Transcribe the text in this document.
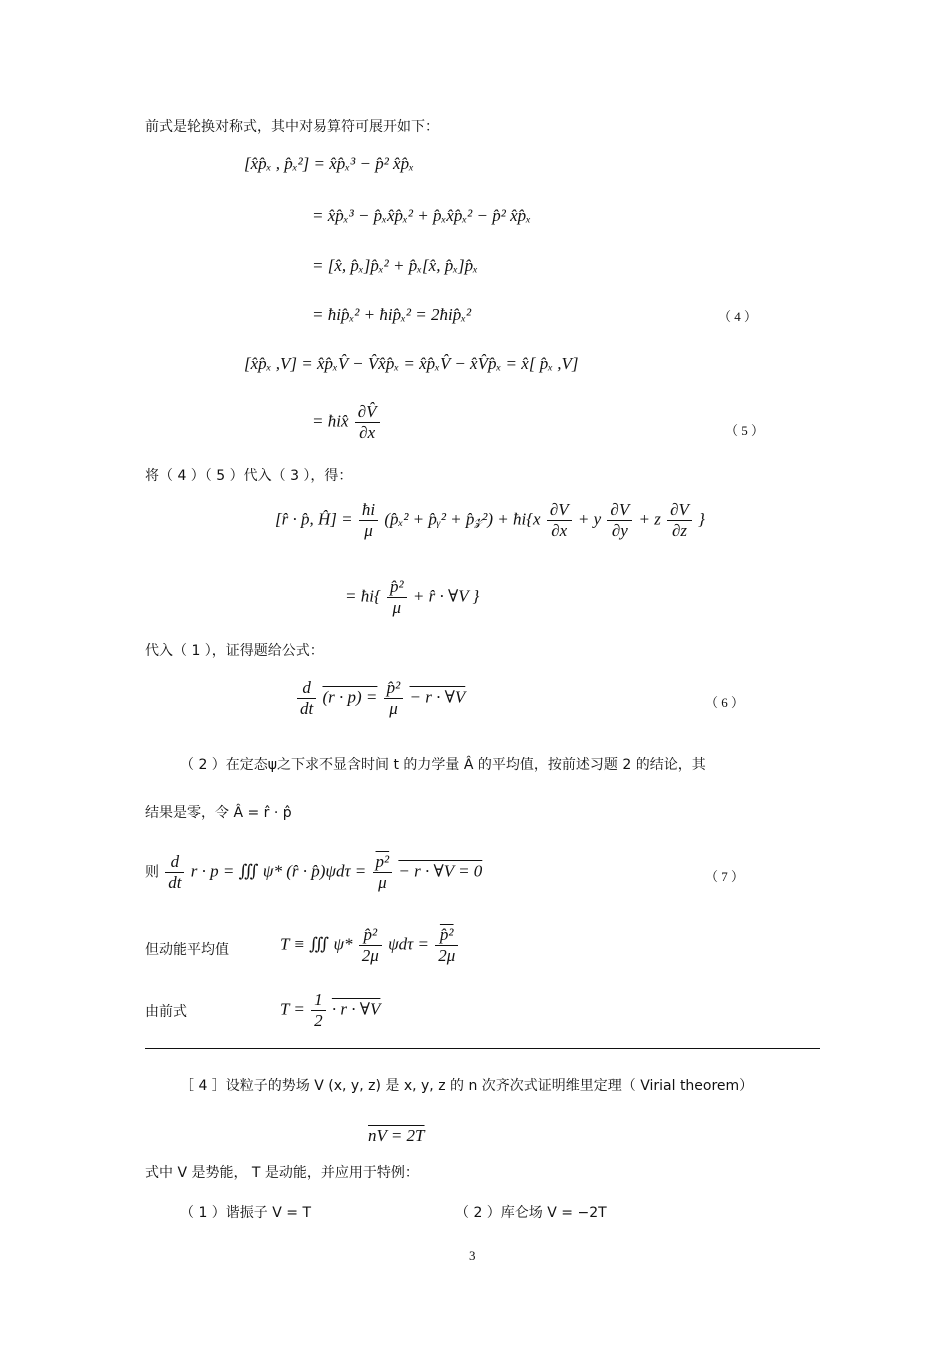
前式是轮换对称式，其中对易算符可展开如下：
[x̂p̂ₓ , p̂ₓ²] = x̂p̂ₓ³ − p̂² x̂p̂ₓ
= x̂p̂ₓ³ − p̂ₓx̂p̂ₓ² + p̂ₓx̂p̂ₓ² − p̂² x̂p̂ₓ
= [x̂, p̂ₓ]p̂ₓ² + p̂ₓ[x̂, p̂ₓ]p̂ₓ
= ħip̂ₓ² + ħip̂ₓ² = 2ħip̂ₓ²	（ 4 ）
[x̂p̂ₓ ,V] = x̂p̂ₓV̂ − V̂x̂p̂ₓ = x̂p̂ₓV̂ − x̂V̂p̂ₓ = x̂[ p̂ₓ ,V]
= ħix̂ $\frac{\partial V̂}{\partial x}$	（ 5 ）
将（ 4 ）（ 5 ）代入（ 3 ），得：
[r̂ · p̂, Ĥ] = $\frac{ħi}{\mu}$ (p̂ₓ² + p̂ᵧ² + p̂𝓏²) + ħi{x $\frac{\partial V}{\partial x} + y \frac{\partial V}{\partial y} + z \frac{\partial V}{\partial z}$ }
= ħi{ $\frac{\text{p̂²}}{\mu}$ + r̂ · ∀V }
代入（ 1 ），证得题给公式：
$\frac{d}{dt} (r \cdot p) = \frac{\text{p̂²}}{\mu} - r$ · ∀V	（ 6 ）
（ 2 ）在定态ψ之下求不显含时间 t 的力学量 Â 的平均值，按前述习题 2 的结论，其
结果是零，令 Â = r̂ · p̂
则 $\frac{d}{dt}$ r · p = ∭ ψ* (r̂ · p̂)ψdτ = $\frac{\text{p²}}{\mu} - r$ · ∀V = 0	（ 7 ）
但动能平均值	T ≡ ∭ $\psi* \frac{\text{p̂²}}{2\mu}$ $\psi d\tau = \frac{\text{p̂²}}{2\mu}$
由前式	$T = \frac{1}{2} \cdot r$ · ∀V
［ 4 ］设粒子的势场 V (x, y, z) 是 x, y, z 的 n 次齐次式证明维里定理（ Virial theorem）
nV = 2T
式中 V 是势能， T 是动能，并应用于特例：
（ 1 ）谐振子 V = T	（ 2 ）库仑场 V = −2T
3
